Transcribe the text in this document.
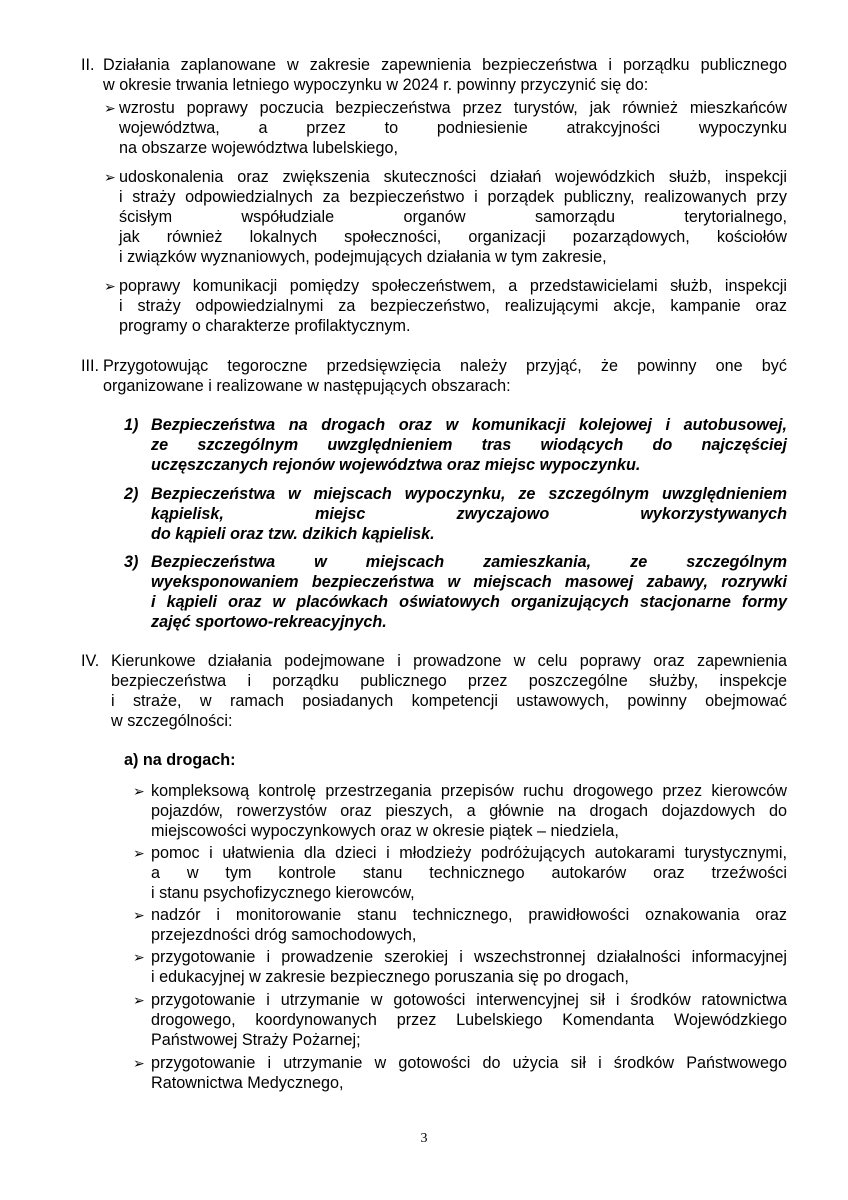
II. Działania zaplanowane w zakresie zapewnienia bezpieczeństwa i porządku publicznego
w okresie trwania letniego wypoczynku w 2024 r. powinny przyczynić się do:
➢ wzrostu poprawy poczucia bezpieczeństwa przez turystów, jak również mieszkańców
województwa, a przez to podniesienie atrakcyjności wypoczynku
na obszarze województwa lubelskiego,
➢ udoskonalenia oraz zwiększenia skuteczności działań wojewódzkich służb, inspekcji
i straży odpowiedzialnych za bezpieczeństwo i porządek publiczny, realizowanych przy
ścisłym współudziale organów samorządu terytorialnego,
jak również lokalnych społeczności, organizacji pozarządowych, kościołów
i związków wyznaniowych, podejmujących działania w tym zakresie,
➢ poprawy komunikacji pomiędzy społeczeństwem, a przedstawicielami służb, inspekcji
i straży odpowiedzialnymi za bezpieczeństwo, realizującymi akcje, kampanie oraz
programy o charakterze profilaktycznym.
III. Przygotowując tegoroczne przedsięwzięcia należy przyjąć, że powinny one być
organizowane i realizowane w następujących obszarach:
1) Bezpieczeństwa na drogach oraz w komunikacji kolejowej i autobusowej,
ze szczególnym uwzględnieniem tras wiodących do najczęściej
uczęszczanych rejonów województwa oraz miejsc wypoczynku.
2) Bezpieczeństwa w miejscach wypoczynku, ze szczególnym uwzględnieniem
kąpielisk, miejsc zwyczajowo wykorzystywanych
do kąpieli oraz tzw. dzikich kąpielisk.
3) Bezpieczeństwa w miejscach zamieszkania, ze szczególnym
wyeksponowaniem bezpieczeństwa w miejscach masowej zabawy, rozrywki
i kąpieli oraz w placówkach oświatowych organizujących stacjonarne formy
zajęć sportowo-rekreacyjnych.
IV. Kierunkowe działania podejmowane i prowadzone w celu poprawy oraz zapewnienia
bezpieczeństwa i porządku publicznego przez poszczególne służby, inspekcje
i straże, w ramach posiadanych kompetencji ustawowych, powinny obejmować
w szczególności:
a) na drogach:
➢ kompleksową kontrolę przestrzegania przepisów ruchu drogowego przez kierowców
pojazdów, rowerzystów oraz pieszych, a głównie na drogach dojazdowych do
miejscowości wypoczynkowych oraz w okresie piątek – niedziela,
➢ pomoc i ułatwienia dla dzieci i młodzieży podróżujących autokarami turystycznymi,
a w tym kontrole stanu technicznego autokarów oraz trzeźwości
i stanu psychofizycznego kierowców,
➢ nadzór i monitorowanie stanu technicznego, prawidłowości oznakowania oraz
przejezdności dróg samochodowych,
➢ przygotowanie i prowadzenie szerokiej i wszechstronnej działalności informacyjnej
i edukacyjnej w zakresie bezpiecznego poruszania się po drogach,
➢ przygotowanie i utrzymanie w gotowości interwencyjnej sił i środków ratownictwa
drogowego, koordynowanych przez Lubelskiego Komendanta Wojewódzkiego
Państwowej Straży Pożarnej;
➢ przygotowanie i utrzymanie w gotowości do użycia sił i środków Państwowego
Ratownictwa Medycznego,
3
